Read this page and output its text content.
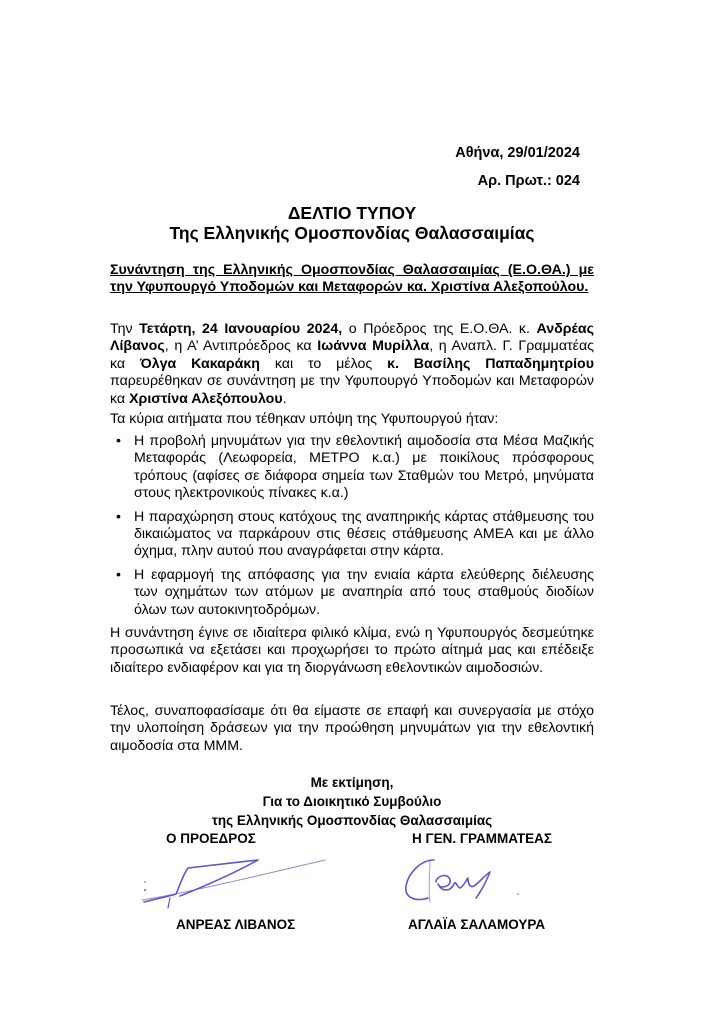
Αθήνα, 29/01/2024
Αρ. Πρωτ.: 024
ΔΕΛΤΙΟ ΤΥΠΟΥ
Της Ελληνικής Ομοσπονδίας Θαλασσαιμίας
Συνάντηση της Ελληνικής Ομοσπονδίας Θαλασσαιμίας (Ε.Ο.ΘΑ.) με την Υφυπουργό Υποδομών και Μεταφορών κα. Χριστίνα Αλεξοπούλου.
Την Τετάρτη, 24 Ιανουαρίου 2024, ο Πρόεδρος της Ε.Ο.ΘΑ. κ. Ανδρέας Λίβανος, η Α’ Αντιπρόεδρος κα Ιωάννα Μυρίλλα, η Αναπλ. Γ. Γραμματέας κα Όλγα Κακαράκη και το μέλος κ. Βασίλης Παπαδημητρίου παρευρέθηκαν σε συνάντηση με την Υφυπουργό Υποδομών και Μεταφορών κα Χριστίνα Αλεξόπουλου.
Τα κύρια αιτήματα που τέθηκαν υπόψη της Υφυπουργού ήταν:
• Η προβολή μηνυμάτων για την εθελοντική αιμοδοσία στα Μέσα Μαζικής Μεταφοράς (Λεωφορεία, ΜΕΤΡΟ κ.α.) με ποικίλους πρόσφορους τρόπους (αφίσες σε διάφορα σημεία των Σταθμών του Μετρό, μηνύματα στους ηλεκτρονικούς πίνακες κ.α.)
• Η παραχώρηση στους κατόχους της αναπηρικής κάρτας στάθμευσης του δικαιώματος να παρκάρουν στις θέσεις στάθμευσης ΑΜΕΑ και με άλλο όχημα, πλην αυτού που αναγράφεται στην κάρτα.
• Η εφαρμογή της απόφασης για την ενιαία κάρτα ελεύθερης διέλευσης των οχημάτων των ατόμων με αναπηρία από τους σταθμούς διοδίων όλων των αυτοκινητοδρόμων.
Η συνάντηση έγινε σε ιδιαίτερα φιλικό κλίμα, ενώ η Υφυπουργός δεσμεύτηκε προσωπικά να εξετάσει και προχωρήσει το πρώτο αίτημά μας και επέδειξε ιδιαίτερο ενδιαφέρον και για τη διοργάνωση εθελοντικών αιμοδοσιών.
Τέλος, συναποφασίσαμε ότι θα είμαστε σε επαφή και συνεργασία με στόχο την υλοποίηση δράσεων για την προώθηση μηνυμάτων για την εθελοντική αιμοδοσία στα ΜΜΜ.
Με εκτίμηση,
Για το Διοικητικό Συμβούλιο
της Ελληνικής Ομοσπονδίας Θαλασσαιμίας
Ο ΠΡΟΕΔΡΟΣ	Η ΓΕΝ. ΓΡΑΜΜΑΤΕΑΣ
ΑΝΡΕΑΣ ΛΙΒΑΝΟΣ	ΑΓΛΑΪΑ ΣΑΛΑΜΟΥΡΑ
